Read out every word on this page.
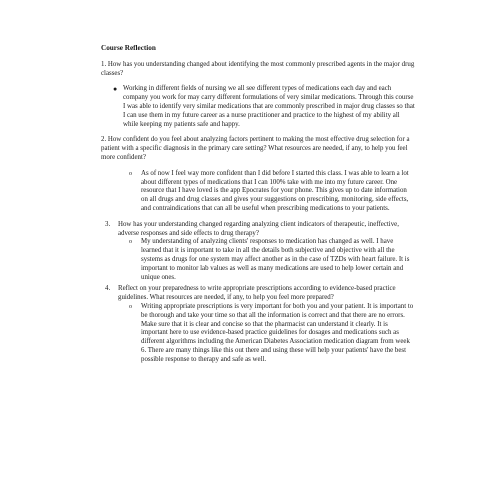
Course Reflection
1. How has you understanding changed about identifying the most commonly prescribed agents in the major drug classes?
● Working in different fields of nursing we all see different types of medications each day and each company you work for may carry different formulations of very similar medications. Through this course I was able to identify very similar medications that are commonly prescribed in major drug classes so that I can use them in my future career as a nurse practitioner and practice to the highest of my ability all while keeping my patients safe and happy.
2. How confident do you feel about analyzing factors pertinent to making the most effective drug selection for a patient with a specific diagnosis in the primary care setting? What resources are needed, if any, to help you feel more confident?
o As of now I feel way more confident than I did before I started this class. I was able to learn a lot about different types of medications that I can 100% take with me into my future career. One resource that I have loved is the app Epocrates for your phone. This gives up to date information on all drugs and drug classes and gives your suggestions on prescribing, monitoring, side effects, and contraindications that can all be useful when prescribing medications to your patients.
3. How has your understanding changed regarding analyzing client indicators of therapeutic, ineffective, adverse responses and side effects to drug therapy?
o My understanding of analyzing clients' responses to medication has changed as well. I have learned that it is important to take in all the details both subjective and objective with all the systems as drugs for one system may affect another as in the case of TZDs with heart failure. It is important to monitor lab values as well as many medications are used to help lower certain and unique ones.
4. Reflect on your preparedness to write appropriate prescriptions according to evidence-based practice guidelines. What resources are needed, if any, to help you feel more prepared?
o Writing appropriate prescriptions is very important for both you and your patient. It is important to be thorough and take your time so that all the information is correct and that there are no errors. Make sure that it is clear and concise so that the pharmacist can understand it clearly. It is important here to use evidence-based practice guidelines for dosages and medications such as different algorithms including the American Diabetes Association medication diagram from week 6. There are many things like this out there and using these will help your patients' have the best possible response to therapy and safe as well.
